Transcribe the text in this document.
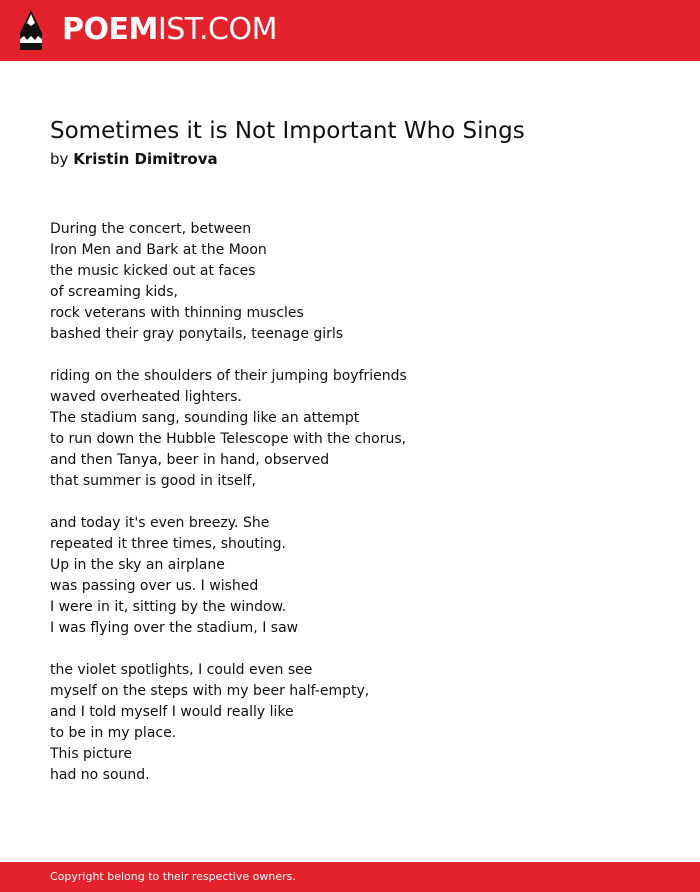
POEMIST.COM
Sometimes it is Not Important Who Sings
by Kristin Dimitrova
During the concert, between
Iron Men and Bark at the Moon
the music kicked out at faces
of screaming kids,
rock veterans with thinning muscles
bashed their gray ponytails, teenage girls
riding on the shoulders of their jumping boyfriends
waved overheated lighters.
The stadium sang, sounding like an attempt
to run down the Hubble Telescope with the chorus,
and then Tanya, beer in hand, observed
that summer is good in itself,
and today it's even breezy. She
repeated it three times, shouting.
Up in the sky an airplane
was passing over us. I wished
I were in it, sitting by the window.
I was flying over the stadium, I saw
the violet spotlights, I could even see
myself on the steps with my beer half-empty,
and I told myself I would really like
to be in my place.
This picture
had no sound.
Copyright belong to their respective owners.
